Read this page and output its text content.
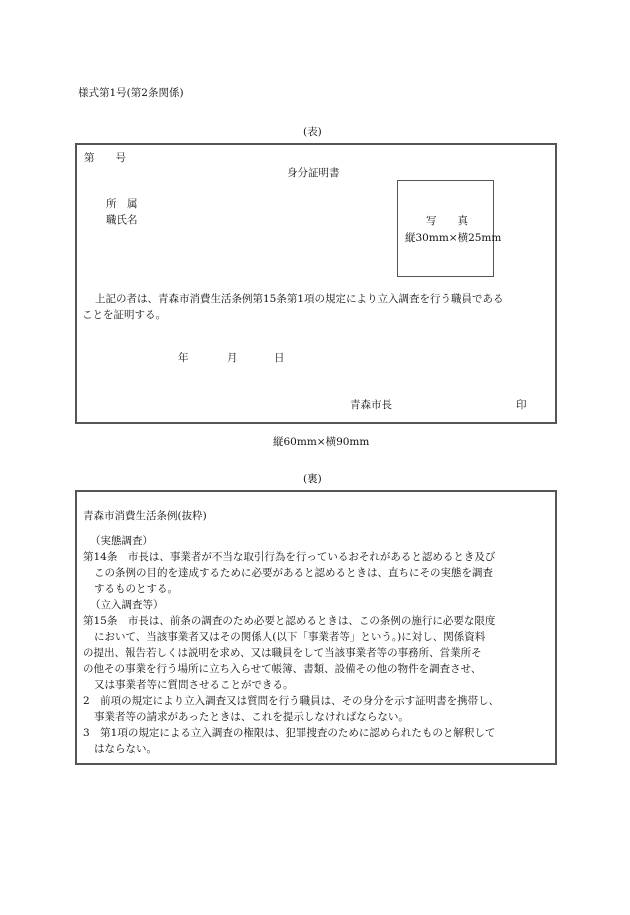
様式第1号(第2条関係)
(表)
第　　号
身分証明書
所　属
職氏名	写　　真
縦30mm×横25mm
上記の者は、青森市消費生活条例第15条第1項の規定により立入調査を行う職員である
ことを証明する。
年	月	日
青森市長	印
縦60mm×横90mm
(裏)
青森市消費生活条例(抜粋)
（実態調査）
第14条　市長は、事業者が不当な取引行為を行っているおそれがあると認めるとき及び
この条例の目的を達成するために必要があると認めるときは、直ちにその実態を調査
するものとする。
（立入調査等）
第15条　市長は、前条の調査のため必要と認めるときは、この条例の施行に必要な限度
において、当該事業者又はその関係人(以下「事業者等」という。)に対し、関係資料
の提出、報告若しくは説明を求め、又は職員をして当該事業者等の事務所、営業所そ
の他その事業を行う場所に立ち入らせて帳簿、書類、設備その他の物件を調査させ、
又は事業者等に質問させることができる。
2　前項の規定により立入調査又は質問を行う職員は、その身分を示す証明書を携帯し、
事業者等の請求があったときは、これを提示しなければならない。
3　第1項の規定による立入調査の権限は、犯罪捜査のために認められたものと解釈して
はならない。
